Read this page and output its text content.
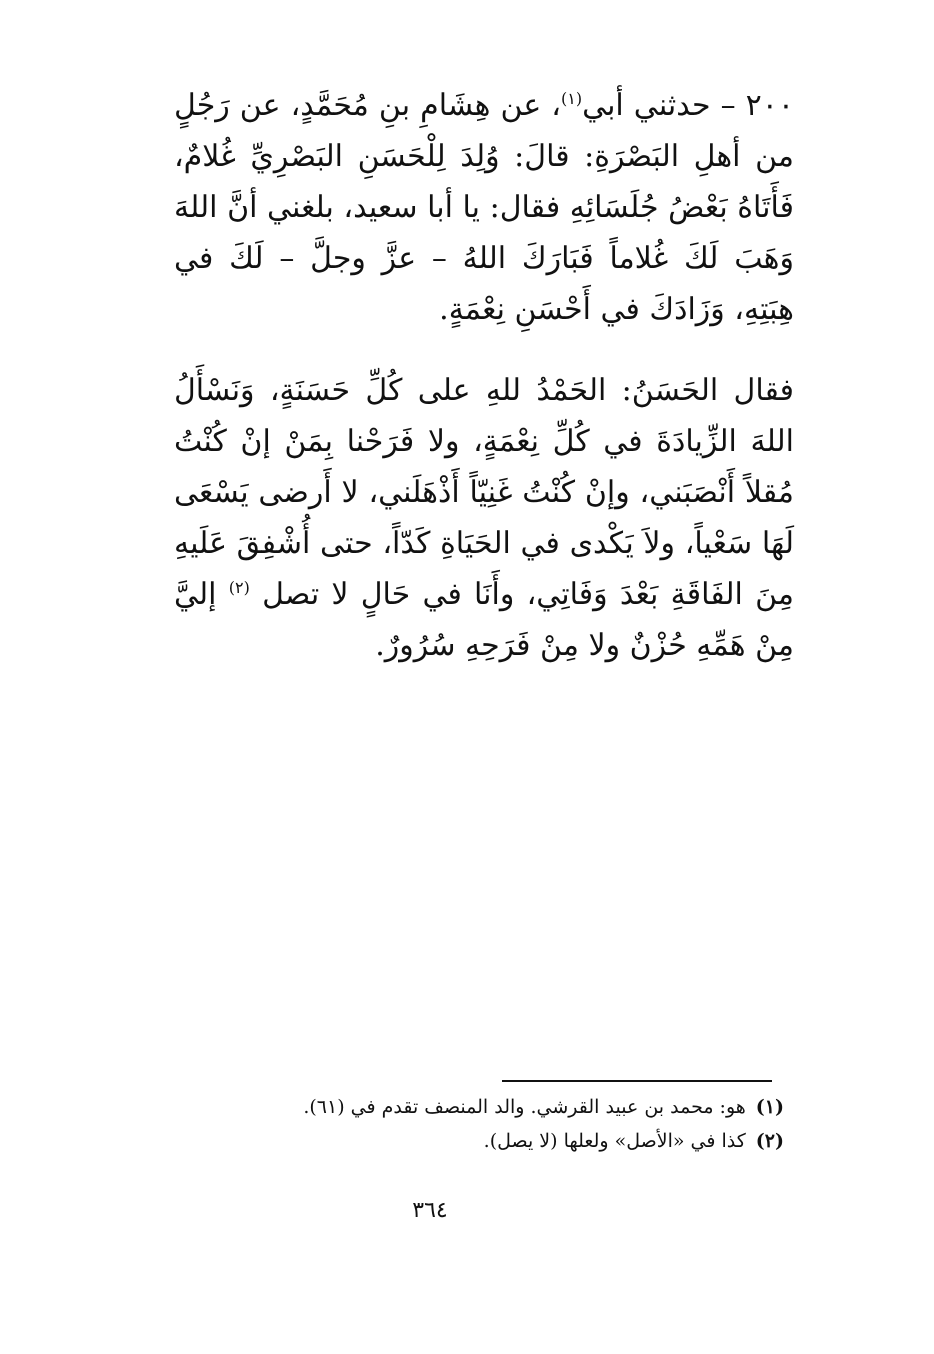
٢٠٠ – حدثني أبي$^{(١)}$، عن هِشَامِ بنِ مُحَمَّدٍ، عن رَجُلٍ من أهلِ البَصْرَةِ: قالَ: وُلِدَ لِلْحَسَنِ البَصْرِيِّ غُلامٌ، فَأَتَاهُ بَعْضُ جُلَسَائِهِ فقال: يا أبا سعيد، بلغني أنَّ اللهَ وَهَبَ لَكَ غُلاماً فَبَارَكَ اللهُ – عزَّ وجلَّ – لَكَ في هِبَتِهِ، وَزَادَكَ في أَحْسَنِ نِعْمَةٍ.

فقال الحَسَنُ: الحَمْدُ للهِ على كُلِّ حَسَنَةٍ، وَنَسْأَلُ اللهَ الزِّيادَةَ في كُلِّ نِعْمَةٍ، ولا فَرَحْنا بِمَنْ إنْ كُنْتُ مُقلاً أَنْصَبَني، وإنْ كُنْتُ غَنِيّاً أَذْهَلَني، لا أَرضى يَسْعَى لَهَا سَعْياً، ولاَ يَكْدى في الحَيَاةِ كَدّاً، حتى أُشْفِقَ عَلَيهِ مِنَ الفَاقَةِ بَعْدَ وَفَاتِي، وأَنَا في حَالٍ لا تصل $^{(٢)}$ إليَّ مِنْ هَمِّهِ حُزْنٌ ولا مِنْ فَرَحِهِ سُرُورٌ.

(١)هو: محمد بن عبيد القرشي. والد المنصف تقدم في (٦١).

(٢)كذا في «الأصل» ولعلها (لا يصل).

٣٦٤
